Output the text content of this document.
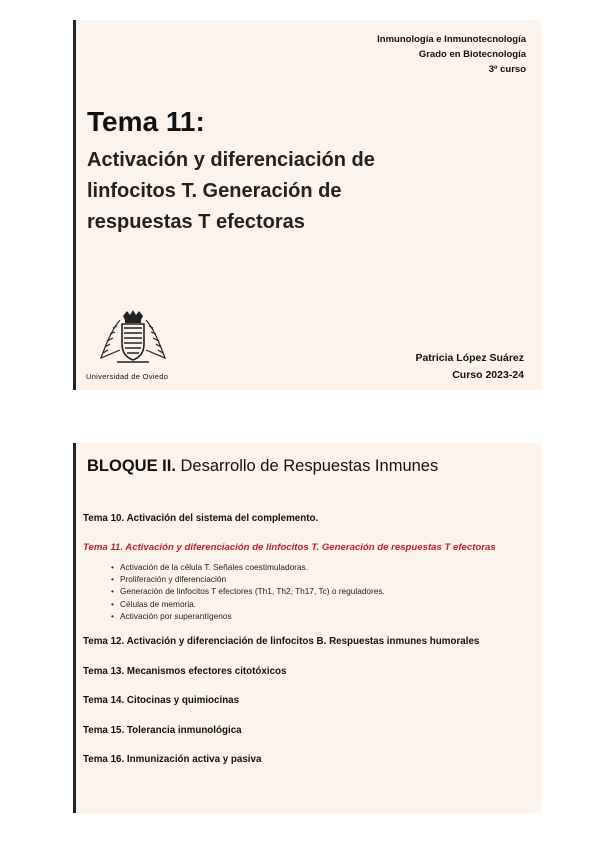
Inmunología e Inmunotecnología
Grado en Biotecnología
3º curso
Tema 11:
Activación y diferenciación de linfocitos T. Generación de respuestas T efectoras
Universidad de Oviedo
Patricia López Suárez
Curso 2023-24
BLOQUE II. Desarrollo de Respuestas Inmunes
Tema 10. Activación del sistema del complemento.
Tema 11. Activación y diferenciación de linfocitos T. Generación de respuestas T efectoras
• Activación de la célula T. Señales coestimuladoras.
• Proliferación y diferenciación
• Generación de linfocitos T efectores (Th1, Th2, Th17, Tc) o reguladores.
• Células de memoria.
• Activación por superantígenos
Tema 12. Activación y diferenciación de linfocitos B. Respuestas inmunes humorales
Tema 13. Mecanismos efectores citotóxicos
Tema 14. Citocinas y quimiocinas
Tema 15. Tolerancia inmunológica
Tema 16. Inmunización activa y pasiva
